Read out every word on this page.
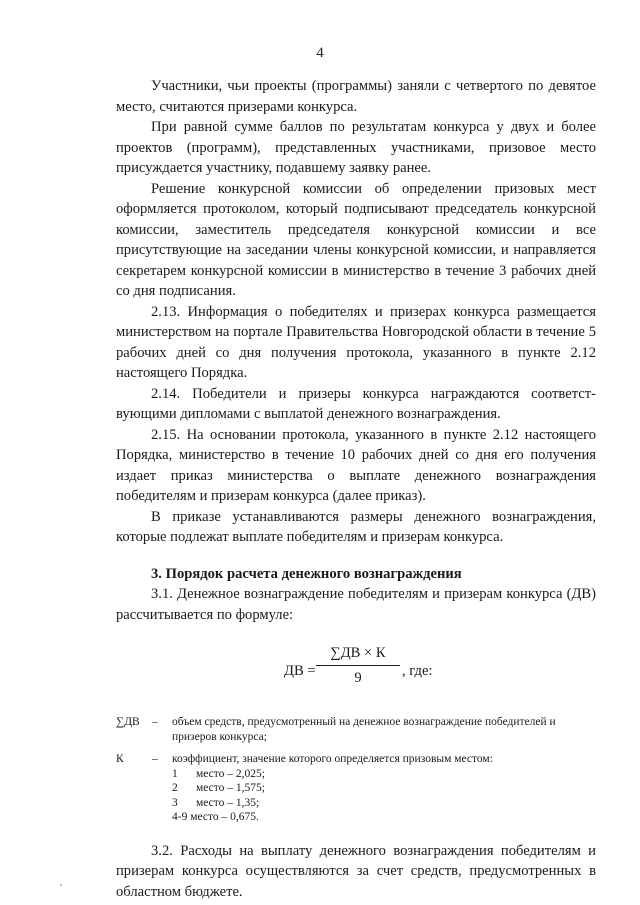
4

Участники, чьи проекты (программы) заняли с четвертого по девятое место, считаются призерами конкурса.

При равной сумме баллов по результатам конкурса у двух и более проектов (программ), представленных участниками, призовое место присуждается участнику, подавшему заявку ранее.

Решение конкурсной комиссии об определении призовых мест оформляется протоколом, который подписывают председатель конкурсной комиссии, заместитель председателя конкурсной комиссии и все присутствующие на заседании члены конкурсной комиссии, и направляется секретарем конкурсной комиссии в министерство в течение 3 рабочих дней со дня подписания.

2.13. Информация о победителях и призерах конкурса размещается министерством на портале Правительства Новгородской области в течение 5 рабочих дней со дня получения протокола, указанного в пункте 2.12 настоящего Порядка.

2.14. Победители и призеры конкурса награждаются соответствующими дипломами с выплатой денежного вознаграждения.

2.15. На основании протокола, указанного в пункте 2.12 настоящего Порядка, министерство в течение 10 рабочих дней со дня его получения издает приказ министерства о выплате денежного вознаграждения победителям и призерам конкурса (далее приказ).

В приказе устанавливаются размеры денежного вознаграждения, которые подлежат выплате победителям и призерам конкурса.

3. Порядок расчета денежного вознаграждения

3.1. Денежное вознаграждение победителям и призерам конкурса (ДВ) рассчитывается по формуле:

ДВ =
∑ДВ × К
9	, где:
∑ДВ – объем средств, предусмотренный на денежное вознаграждение победителей и призеров конкурса;
К – коэффициент, значение которого определяется призовым местом:
1 место – 2,025;
2 место – 1,575;
3 место – 1,35;
4-9 место – 0,675.

3.2. Расходы на выплату денежного вознаграждения победителям и призерам конкурса осуществляются за счет средств, предусмотренных в областном бюджете.
